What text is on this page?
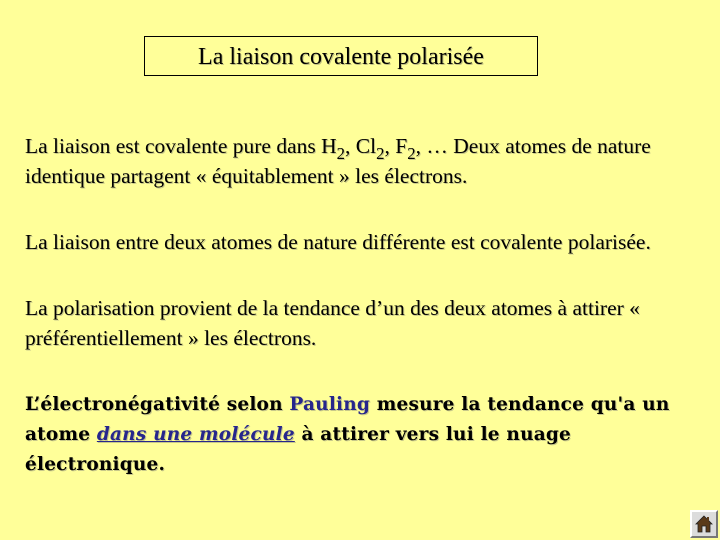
La liaison covalente polarisée
La liaison est covalente pure dans $H_2$, $Cl_2$, $F_2$, … Deux atomes de nature identique partagent « équitablement » les électrons.
La liaison entre deux atomes de nature différente est covalente polarisée.
La polarisation provient de la tendance d’un des deux atomes à attirer « préférentiellement » les électrons.
L’électronégativité selon Pauling mesure la tendance qu'a un atome dans une molécule à attirer vers lui le nuage électronique.
